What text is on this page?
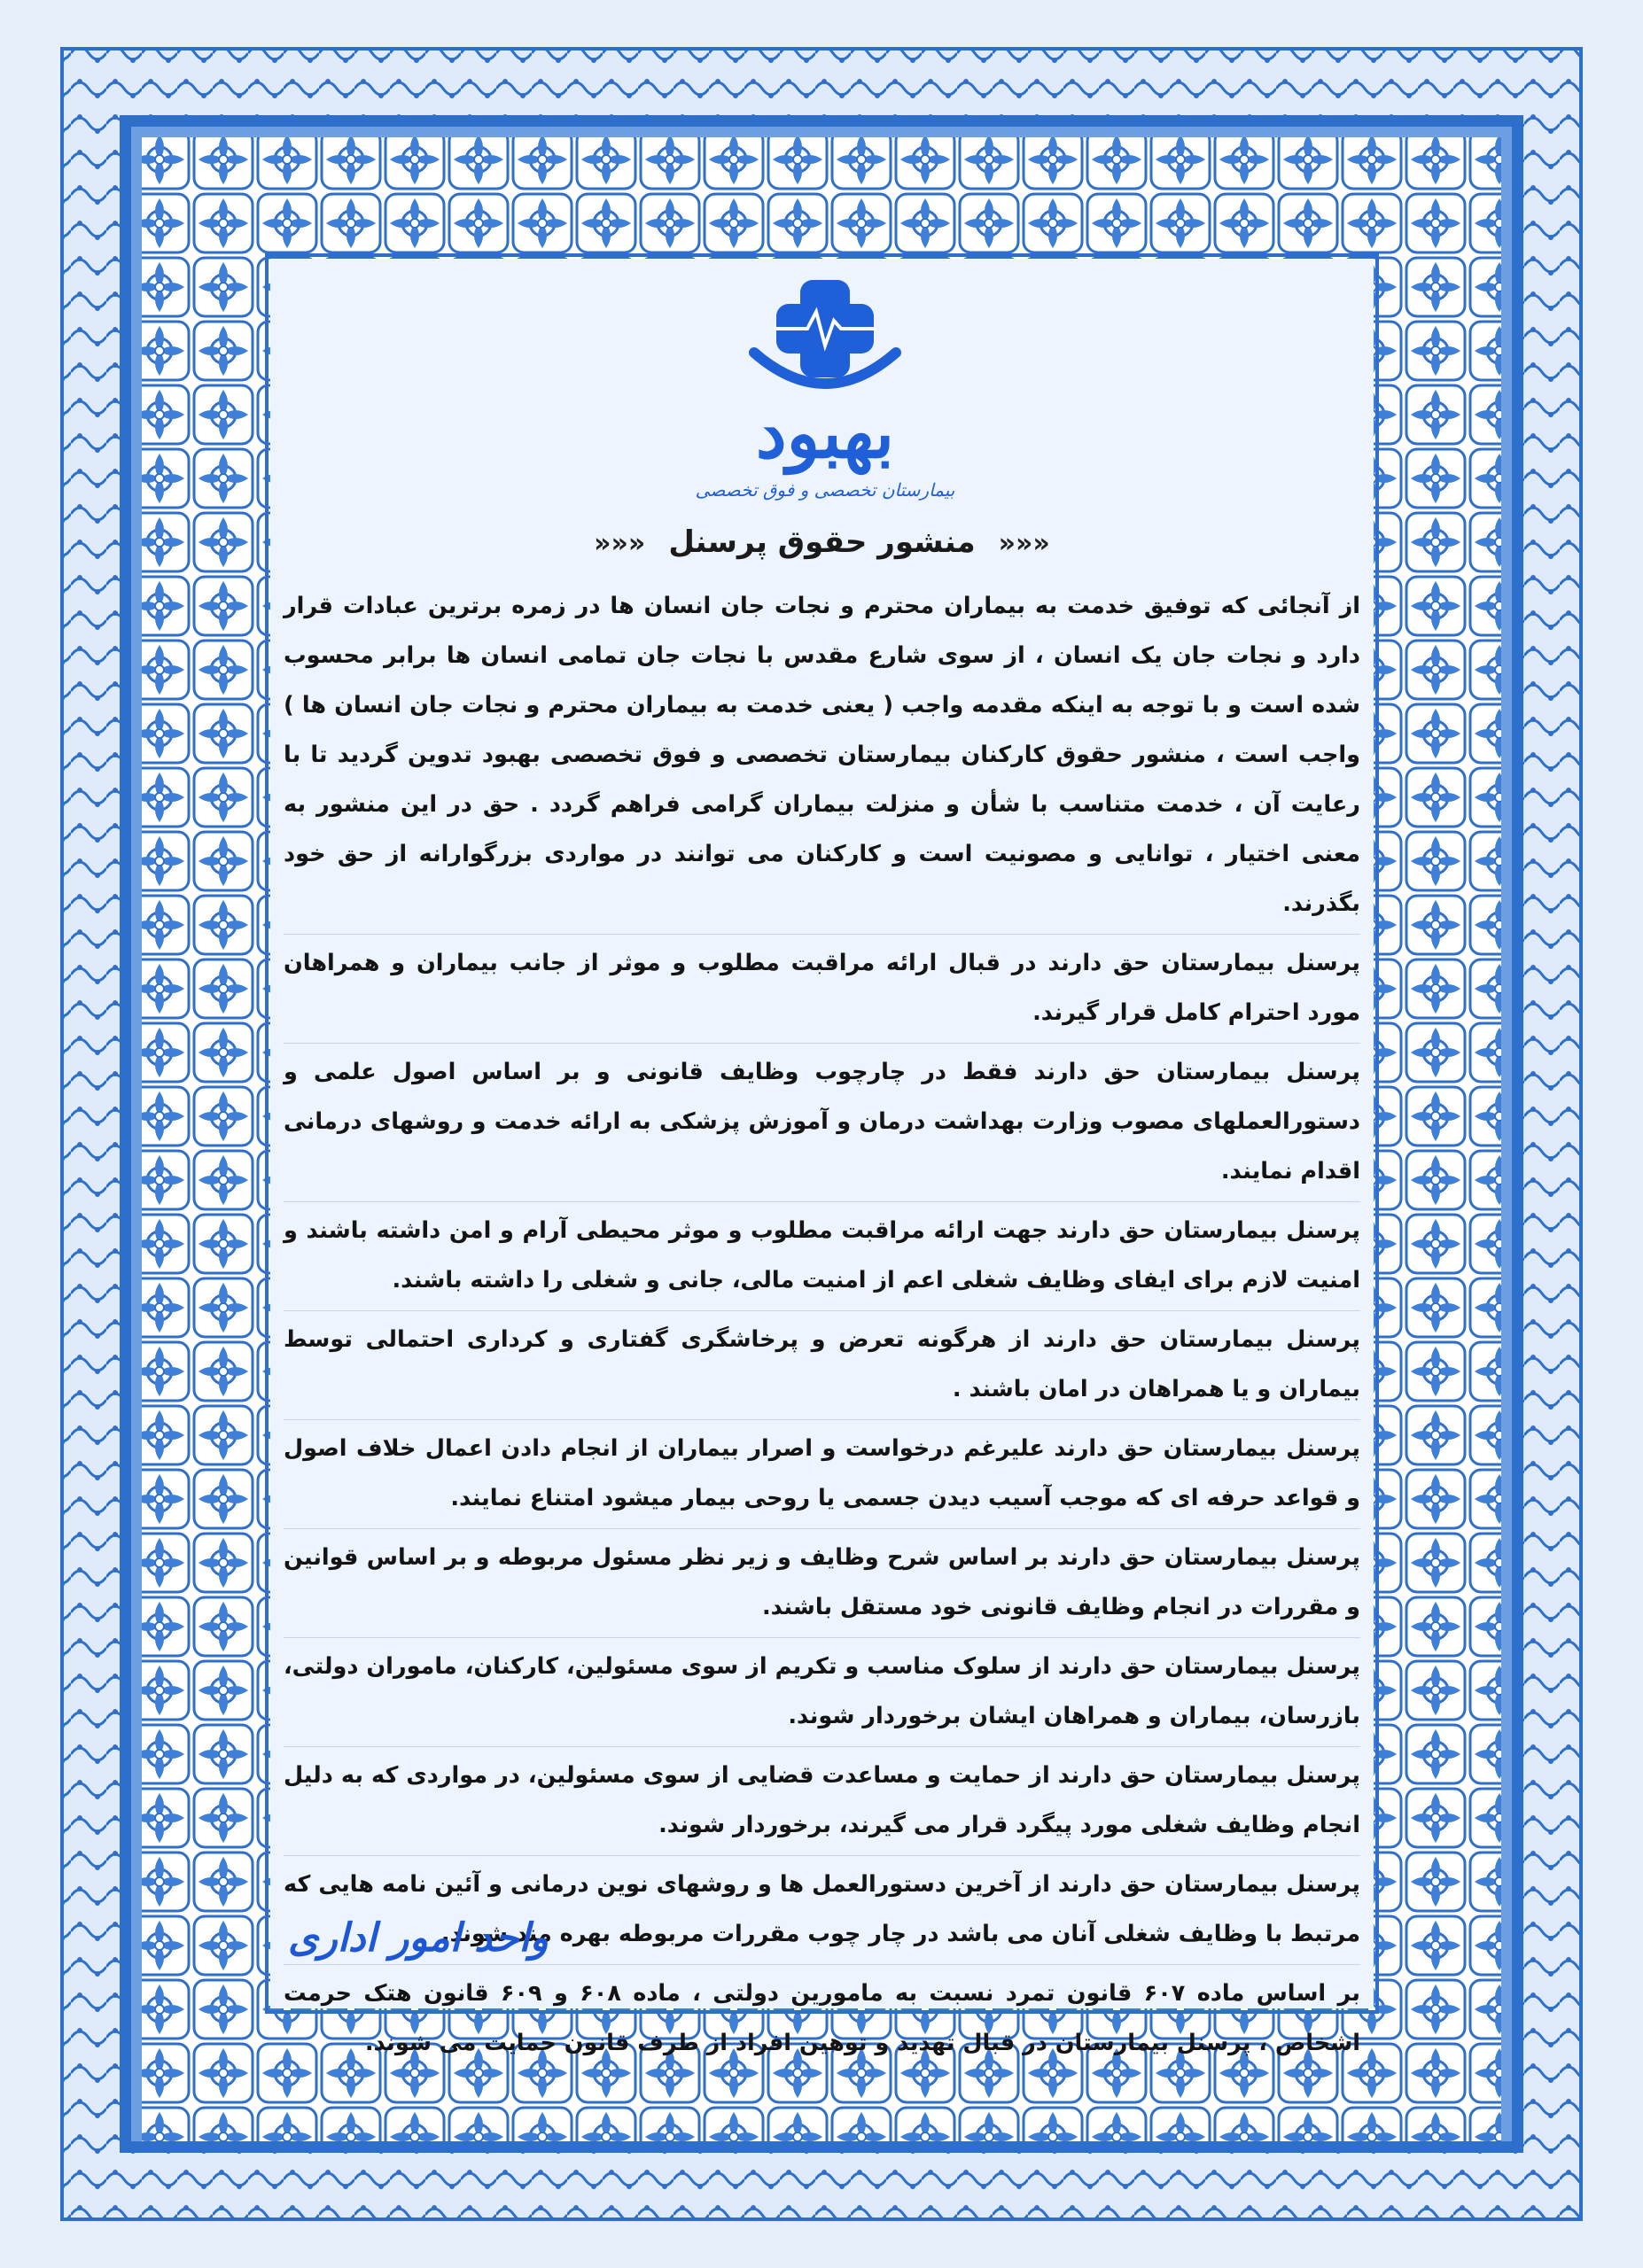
بهبود
بیمارستان تخصصی و فوق تخصصی
«««منشور حقوق پرسنل«««
از آنجائی که توفیق خدمت به بیماران محترم و نجات جان انسان ها در زمره برترین عبادات قرار دارد و نجات جان یک انسان ، از سوی شارع مقدس با نجات جان تمامی انسان ها برابر محسوب شده است و با توجه به اینکه مقدمه واجب ( یعنی خدمت به بیماران محترم و نجات جان انسان ها ) واجب است ، منشور حقوق کارکنان بیمارستان تخصصی و فوق تخصصی بهبود تدوین گردید تا با رعایت آن ، خدمت متناسب با شأن و منزلت بیماران گرامی فراهم گردد . حق در این منشور به معنی اختیار ، توانایی و مصونیت است و کارکنان می توانند در مواردی بزرگوارانه از حق خود بگذرند.
پرسنل بیمارستان حق دارند در قبال ارائه مراقبت مطلوب و موثر از جانب بیماران و همراهان مورد احترام کامل قرار گیرند.
پرسنل بیمارستان حق دارند فقط در چارچوب وظایف قانونی و بر اساس اصول علمی و دستورالعملهای مصوب وزارت بهداشت درمان و آموزش پزشکی به ارائه خدمت و روشهای درمانی اقدام نمایند.
پرسنل بیمارستان حق دارند جهت ارائه مراقبت مطلوب و موثر محیطی آرام و امن داشته باشند و امنیت لازم برای ایفای وظایف شغلی اعم از امنیت مالی، جانی و شغلی را داشته باشند.
پرسنل بیمارستان حق دارند از هرگونه تعرض و پرخاشگری گفتاری و کرداری احتمالی توسط بیماران و یا همراهان در امان باشند .
پرسنل بیمارستان حق دارند علیرغم درخواست و اصرار بیماران از انجام دادن اعمال خلاف اصول و قواعد حرفه ای که موجب آسیب دیدن جسمی یا روحی بیمار میشود امتناع نمایند.
پرسنل بیمارستان حق دارند بر اساس شرح وظایف و زیر نظر مسئول مربوطه و بر اساس قوانین و مقررات در انجام وظایف قانونی خود مستقل باشند.
پرسنل بیمارستان حق دارند از سلوک مناسب و تکریم از سوی مسئولین، کارکنان، ماموران دولتی، بازرسان، بیماران و همراهان ایشان برخوردار شوند.
پرسنل بیمارستان حق دارند از حمایت و مساعدت قضایی از سوی مسئولین، در مواردی که به دلیل انجام وظایف شغلی مورد پیگرد قرار می گیرند، برخوردار شوند.
پرسنل بیمارستان حق دارند از آخرین دستورالعمل ها و روشهای نوین درمانی و آئین نامه هایی که مرتبط با وظایف شغلی آنان می باشد در چار چوب مقررات مربوطه بهره مند شوند.
بر اساس ماده ۶۰۷ قانون تمرد نسبت به مامورین دولتی ، ماده ۶۰۸ و ۶۰۹ قانون هتک حرمت اشخاص ، پرسنل بیمارستان در قبال تهدید و توهین افراد از طرف قانون حمایت می شوند.
واحد امور اداری
